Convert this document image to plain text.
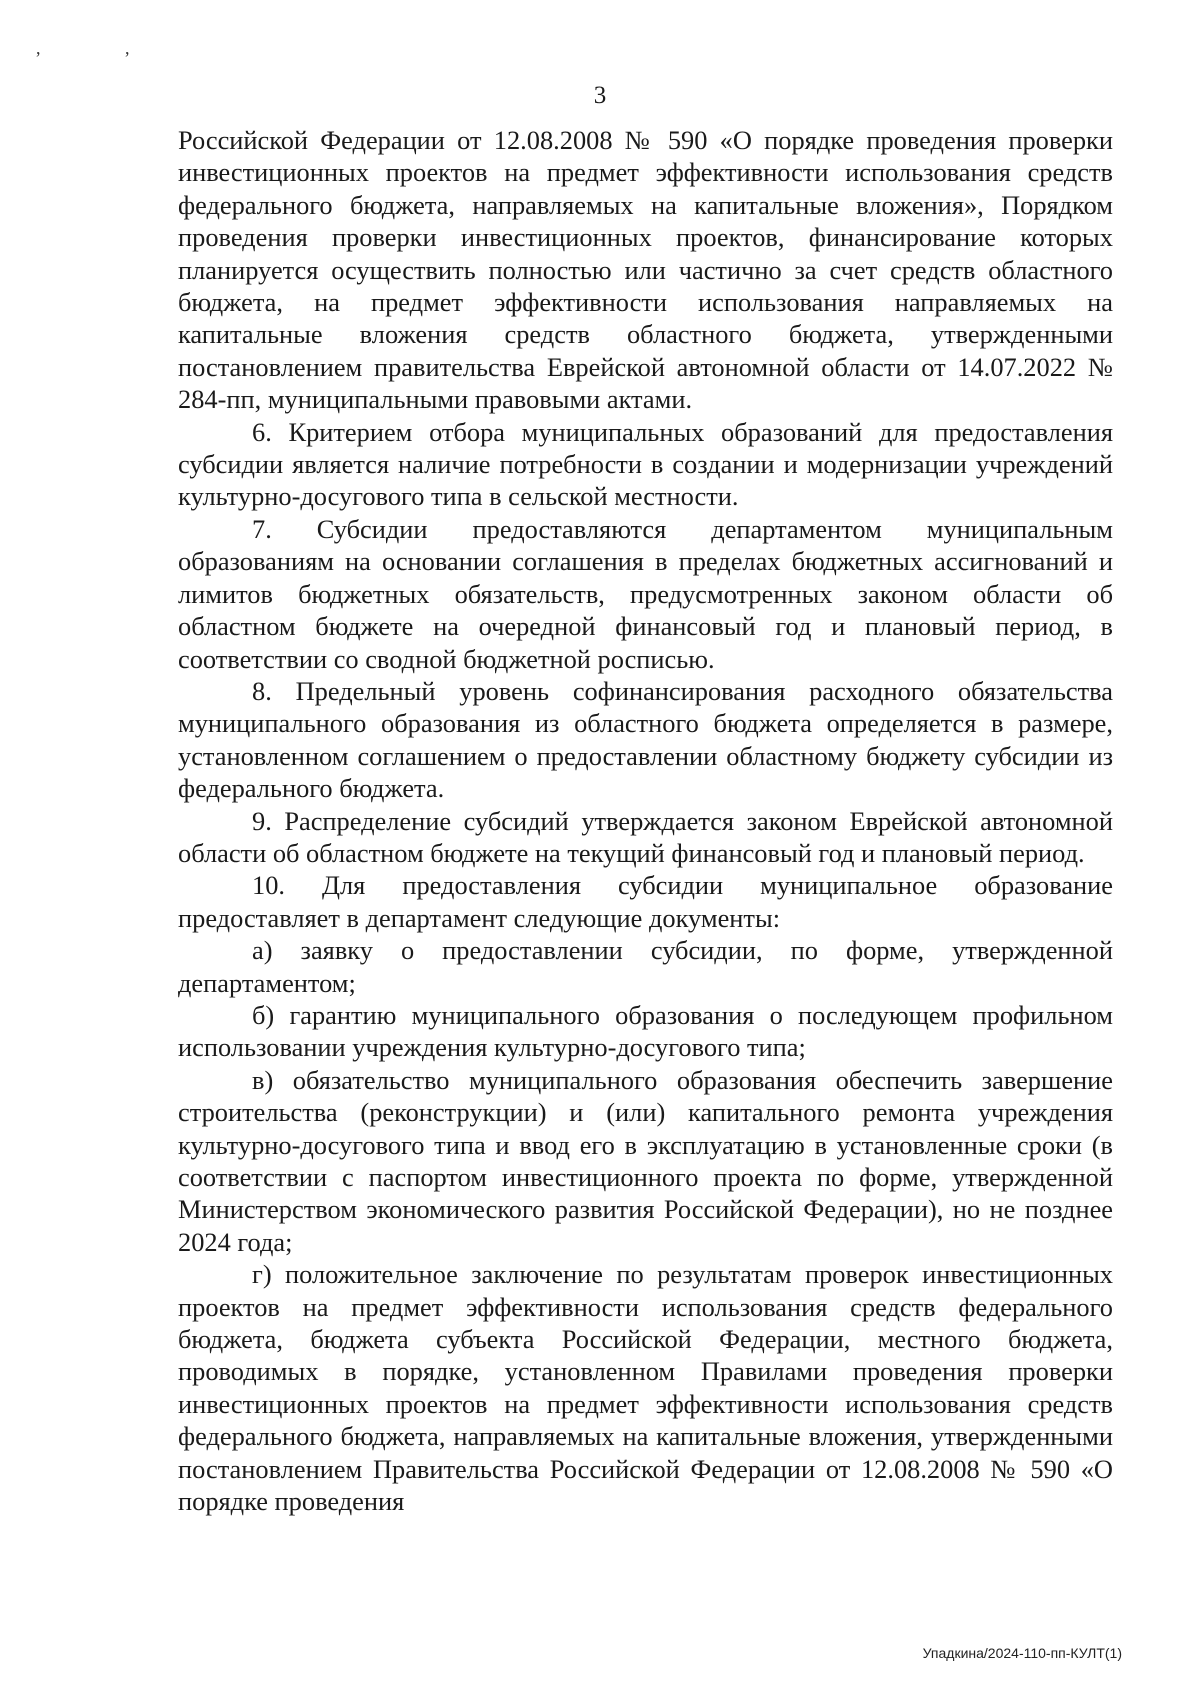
, ,
3

Российской Федерации от 12.08.2008 № 590 «О порядке проведения проверки инвестиционных проектов на предмет эффективности использования средств федерального бюджета, направляемых на капитальные вложения», Порядком проведения проверки инвестиционных проектов, финансирование которых планируется осуществить полностью или частично за счет средств областного бюджета, на предмет эффективности использования направляемых на капитальные вложения средств областного бюджета, утвержденными постановлением правительства Еврейской автономной области от 14.07.2022 № 284-пп, муниципальными правовыми актами.

6. Критерием отбора муниципальных образований для предоставления субсидии является наличие потребности в создании и модернизации учреждений культурно-досугового типа в сельской местности.

7. Субсидии предоставляются департаментом муниципальным образованиям на основании соглашения в пределах бюджетных ассигнований и лимитов бюджетных обязательств, предусмотренных законом области об областном бюджете на очередной финансовый год и плановый период, в соответствии со сводной бюджетной росписью.

8. Предельный уровень софинансирования расходного обязательства муниципального образования из областного бюджета определяется в размере, установленном соглашением о предоставлении областному бюджету субсидии из федерального бюджета.

9. Распределение субсидий утверждается законом Еврейской автономной области об областном бюджете на текущий финансовый год и плановый период.

10. Для предоставления субсидии муниципальное образование предоставляет в департамент следующие документы:

а) заявку о предоставлении субсидии, по форме, утвержденной департаментом;

б) гарантию муниципального образования о последующем профильном использовании учреждения культурно-досугового типа;

в) обязательство муниципального образования обеспечить завершение строительства (реконструкции) и (или) капитального ремонта учреждения культурно-досугового типа и ввод его в эксплуатацию в установленные сроки (в соответствии с паспортом инвестиционного проекта по форме, утвержденной Министерством экономического развития Российской Федерации), но не позднее 2024 года;

г) положительное заключение по результатам проверок инвестиционных проектов на предмет эффективности использования средств федерального бюджета, бюджета субъекта Российской Федерации, местного бюджета, проводимых в порядке, установленном Правилами проведения проверки инвестиционных проектов на предмет эффективности использования средств федерального бюджета, направляемых на капитальные вложения, утвержденными постановлением Правительства Российской Федерации от 12.08.2008 № 590 «О порядке проведения

Упадкина/2024-110-пп-КУЛТ(1)
